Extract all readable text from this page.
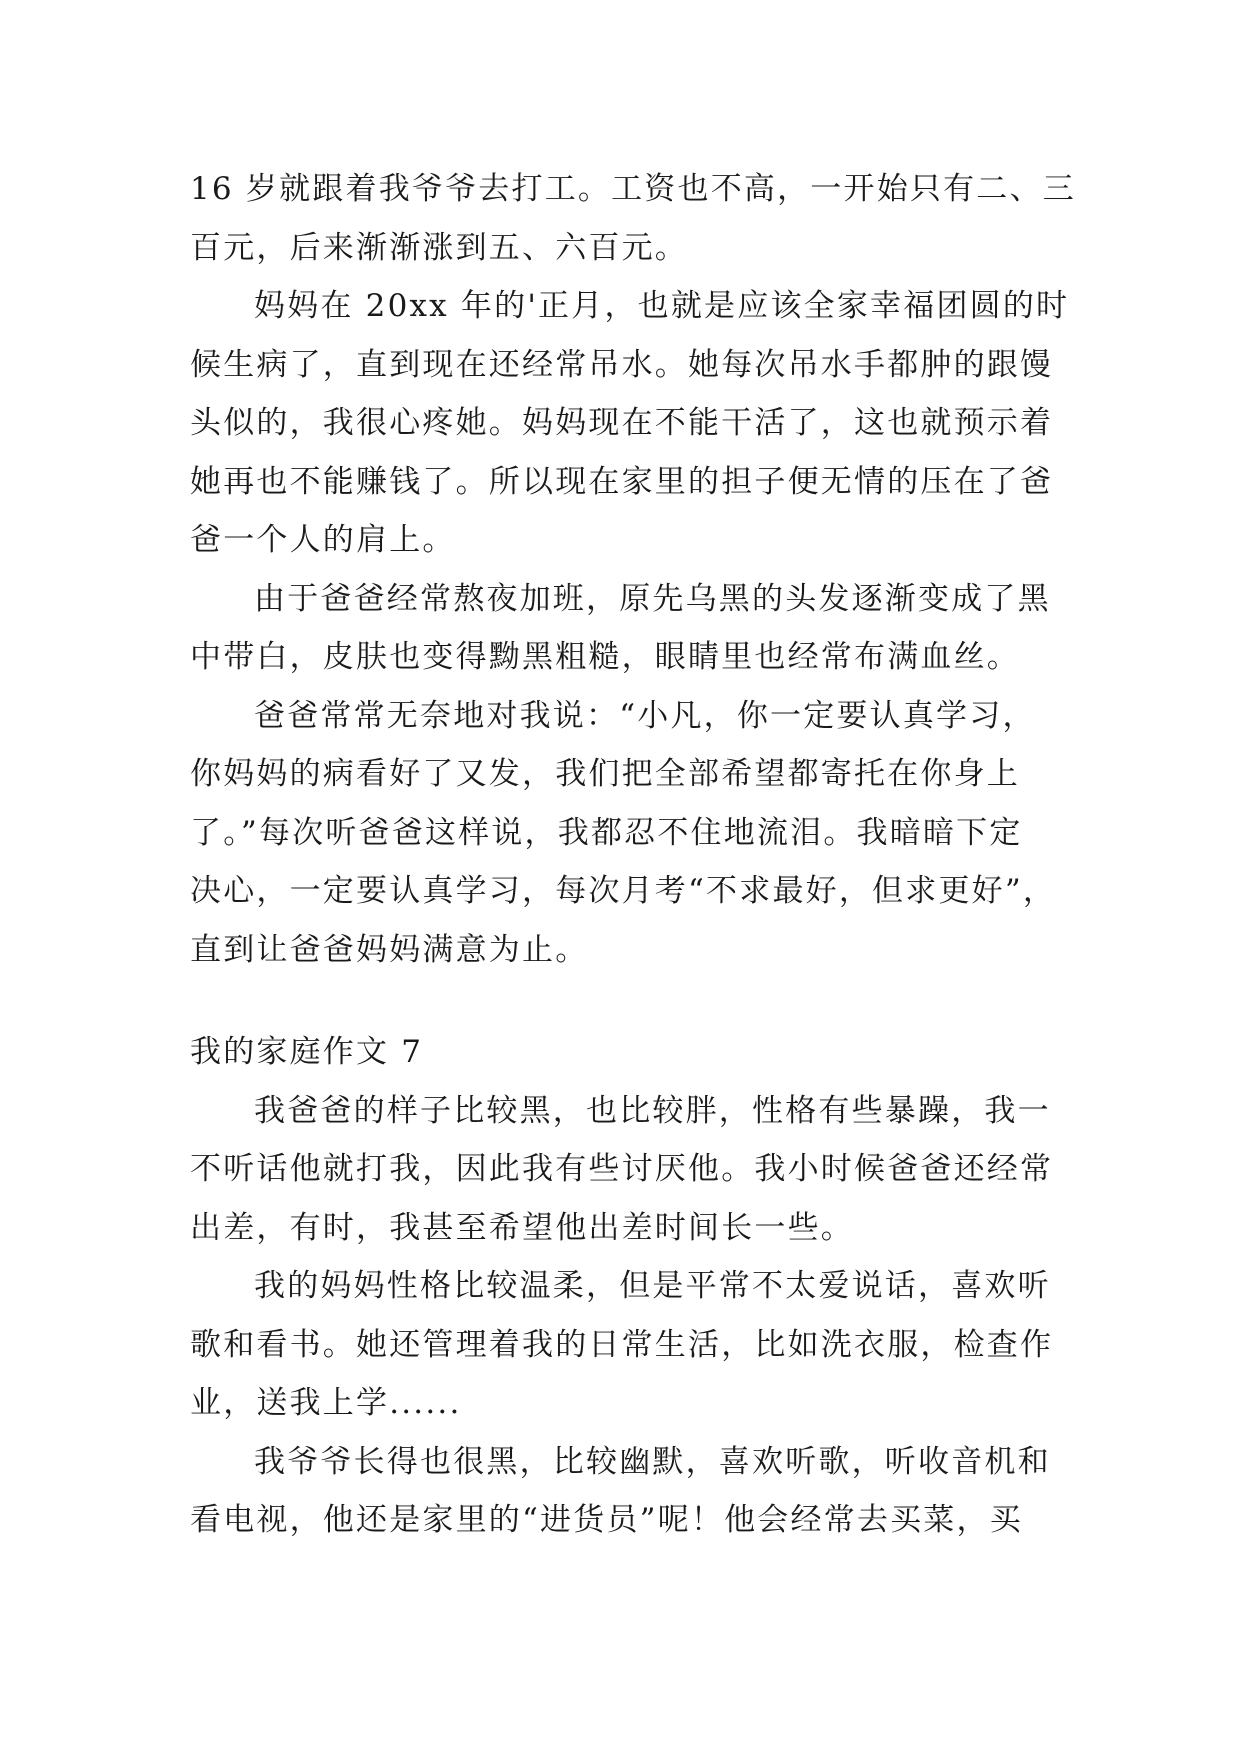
16 岁就跟着我爷爷去打工。工资也不高，一开始只有二、三
百元，后来渐渐涨到五、六百元。
妈妈在 20xx 年的'正月，也就是应该全家幸福团圆的时
候生病了，直到现在还经常吊水。她每次吊水手都肿的跟馒
头似的，我很心疼她。妈妈现在不能干活了，这也就预示着
她再也不能赚钱了。所以现在家里的担子便无情的压在了爸
爸一个人的肩上。
由于爸爸经常熬夜加班，原先乌黑的头发逐渐变成了黑
中带白，皮肤也变得黝黑粗糙，眼睛里也经常布满血丝。
爸爸常常无奈地对我说：“小凡，你一定要认真学习，
你妈妈的病看好了又发，我们把全部希望都寄托在你身上
了。”每次听爸爸这样说，我都忍不住地流泪。我暗暗下定
决心，一定要认真学习，每次月考“不求最好，但求更好”，
直到让爸爸妈妈满意为止。
我的家庭作文 7
我爸爸的样子比较黑，也比较胖，性格有些暴躁，我一
不听话他就打我，因此我有些讨厌他。我小时候爸爸还经常
出差，有时，我甚至希望他出差时间长一些。
我的妈妈性格比较温柔，但是平常不太爱说话，喜欢听
歌和看书。她还管理着我的日常生活，比如洗衣服，检查作
业，送我上学......
我爷爷长得也很黑，比较幽默，喜欢听歌，听收音机和
看电视，他还是家里的“进货员”呢！他会经常去买菜，买
